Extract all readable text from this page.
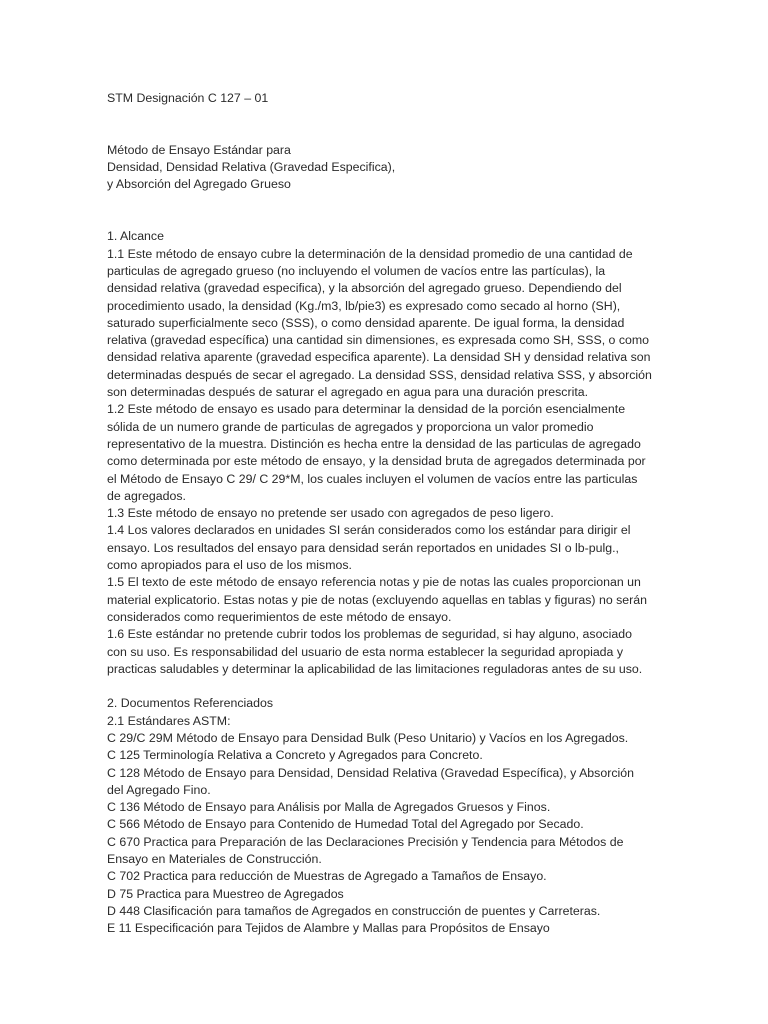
STM Designación C 127 – 01
Método de Ensayo Estándar para
Densidad, Densidad Relativa (Gravedad Especifica),
y Absorción del Agregado Grueso
1. Alcance
1.1 Este método de ensayo cubre la determinación de la densidad promedio de una cantidad de
particulas de agregado grueso (no incluyendo el volumen de vacíos entre las partículas), la
densidad relativa (gravedad especifica), y la absorción del agregado grueso. Dependiendo del
procedimiento usado, la densidad (Kg./m3, lb/pie3) es expresado como secado al horno (SH),
saturado superficialmente seco (SSS), o como densidad aparente. De igual forma, la densidad
relativa (gravedad específica) una cantidad sin dimensiones, es expresada como SH, SSS, o como
densidad relativa aparente (gravedad especifica aparente). La densidad SH y densidad relativa son
determinadas después de secar el agregado. La densidad SSS, densidad relativa SSS, y absorción
son determinadas después de saturar el agregado en agua para una duración prescrita.
1.2 Este método de ensayo es usado para determinar la densidad de la porción esencialmente
sólida de un numero grande de particulas de agregados y proporciona un valor promedio
representativo de la muestra. Distinción es hecha entre la densidad de las particulas de agregado
como determinada por este método de ensayo, y la densidad bruta de agregados determinada por
el Método de Ensayo C 29/ C 29*M, los cuales incluyen el volumen de vacíos entre las particulas
de agregados.
1.3 Este método de ensayo no pretende ser usado con agregados de peso ligero.
1.4 Los valores declarados en unidades SI serán considerados como los estándar para dirigir el
ensayo. Los resultados del ensayo para densidad serán reportados en unidades SI o lb-pulg.,
como apropiados para el uso de los mismos.
1.5 El texto de este método de ensayo referencia notas y pie de notas las cuales proporcionan un
material explicatorio. Estas notas y pie de notas (excluyendo aquellas en tablas y figuras) no serán
considerados como requerimientos de este método de ensayo.
1.6 Este estándar no pretende cubrir todos los problemas de seguridad, si hay alguno, asociado
con su uso. Es responsabilidad del usuario de esta norma establecer la seguridad apropiada y
practicas saludables y determinar la aplicabilidad de las limitaciones reguladoras antes de su uso.
2. Documentos Referenciados
2.1 Estándares ASTM:
C 29/C 29M Método de Ensayo para Densidad Bulk (Peso Unitario) y Vacíos en los Agregados.
C 125 Terminología Relativa a Concreto y Agregados para Concreto.
C 128 Método de Ensayo para Densidad, Densidad Relativa (Gravedad Específica), y Absorción
del Agregado Fino.
C 136 Método de Ensayo para Análisis por Malla de Agregados Gruesos y Finos.
C 566 Método de Ensayo para Contenido de Humedad Total del Agregado por Secado.
C 670 Practica para Preparación de las Declaraciones Precisión y Tendencia para Métodos de
Ensayo en Materiales de Construcción.
C 702 Practica para reducción de Muestras de Agregado a Tamaños de Ensayo.
D 75 Practica para Muestreo de Agregados
D 448 Clasificación para tamaños de Agregados en construcción de puentes y Carreteras.
E 11 Especificación para Tejidos de Alambre y Mallas para Propósitos de Ensayo
